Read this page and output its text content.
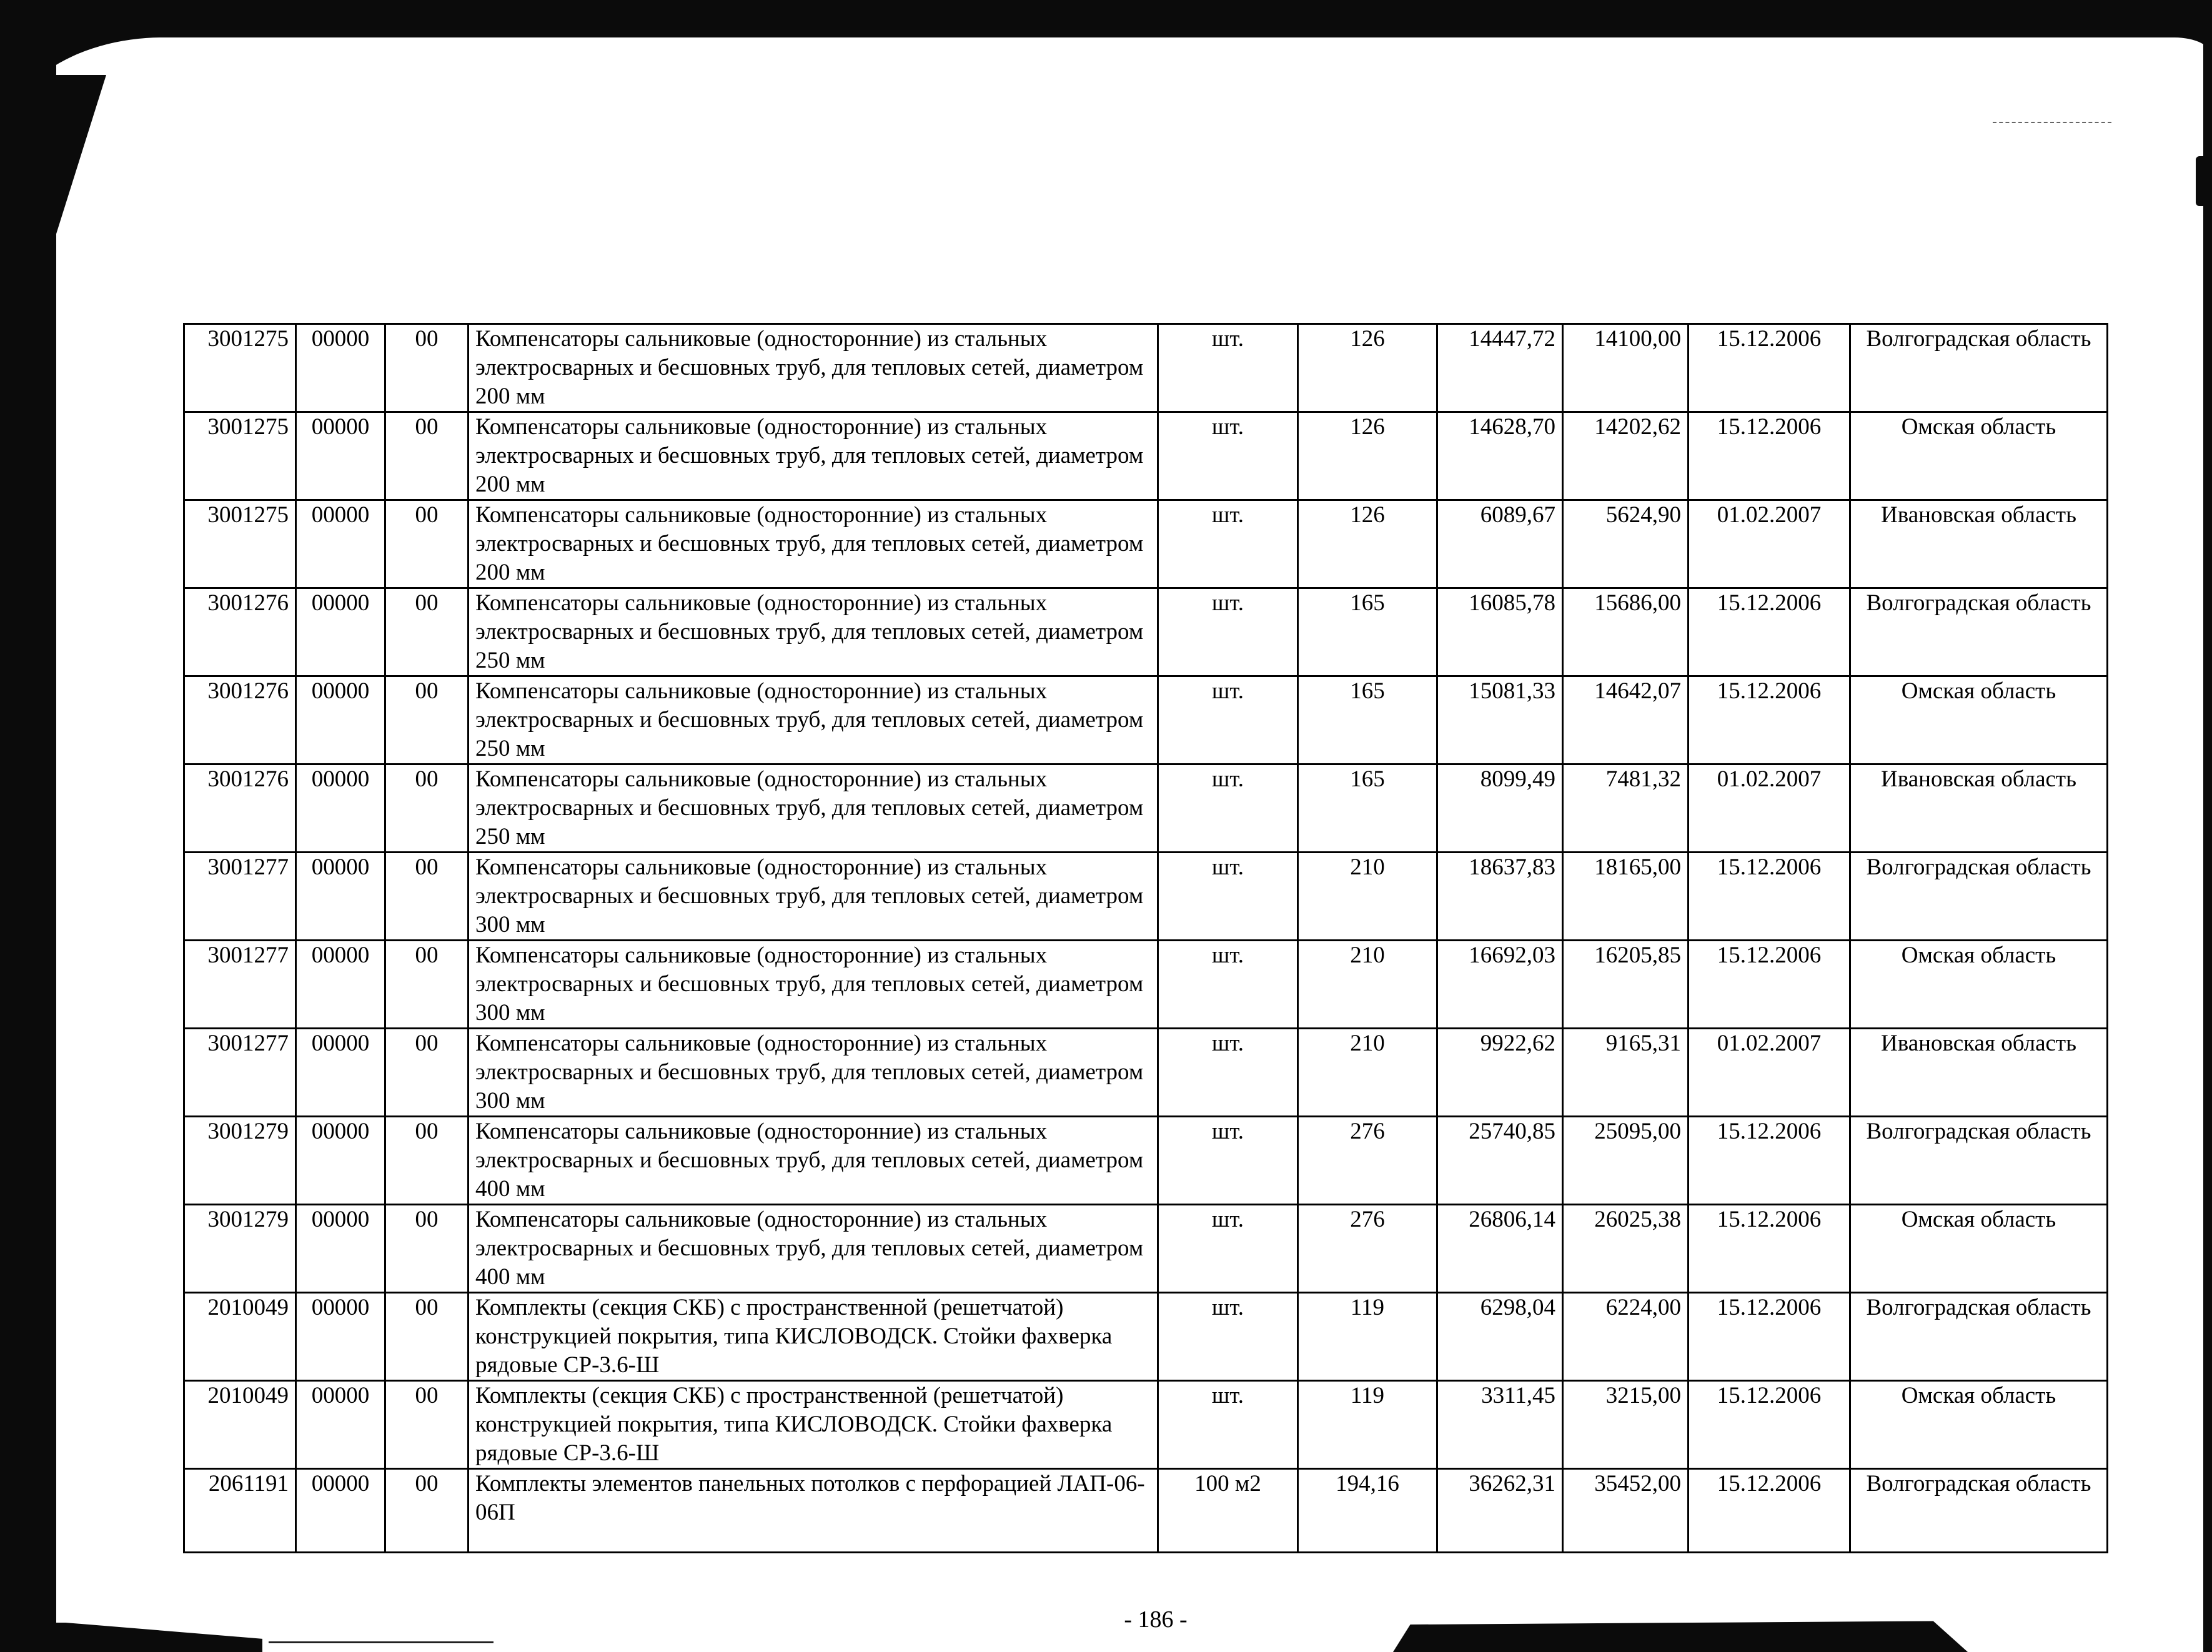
3001275	00000	00	Компенсаторы сальниковые (односторонние) из стальных электросварных и бесшовных труб, для тепловых сетей, диаметром 200 мм	шт.	126	14447,72	14100,00	15.12.2006	Волгоградская область
3001275	00000	00	Компенсаторы сальниковые (односторонние) из стальных электросварных и бесшовных труб, для тепловых сетей, диаметром 200 мм	шт.	126	14628,70	14202,62	15.12.2006	Омская область
3001275	00000	00	Компенсаторы сальниковые (односторонние) из стальных электросварных и бесшовных труб, для тепловых сетей, диаметром 200 мм	шт.	126	6089,67	5624,90	01.02.2007	Ивановская область
3001276	00000	00	Компенсаторы сальниковые (односторонние) из стальных электросварных и бесшовных труб, для тепловых сетей, диаметром 250 мм	шт.	165	16085,78	15686,00	15.12.2006	Волгоградская область
3001276	00000	00	Компенсаторы сальниковые (односторонние) из стальных электросварных и бесшовных труб, для тепловых сетей, диаметром 250 мм	шт.	165	15081,33	14642,07	15.12.2006	Омская область
3001276	00000	00	Компенсаторы сальниковые (односторонние) из стальных электросварных и бесшовных труб, для тепловых сетей, диаметром 250 мм	шт.	165	8099,49	7481,32	01.02.2007	Ивановская область
3001277	00000	00	Компенсаторы сальниковые (односторонние) из стальных электросварных и бесшовных труб, для тепловых сетей, диаметром 300 мм	шт.	210	18637,83	18165,00	15.12.2006	Волгоградская область
3001277	00000	00	Компенсаторы сальниковые (односторонние) из стальных электросварных и бесшовных труб, для тепловых сетей, диаметром 300 мм	шт.	210	16692,03	16205,85	15.12.2006	Омская область
3001277	00000	00	Компенсаторы сальниковые (односторонние) из стальных электросварных и бесшовных труб, для тепловых сетей, диаметром 300 мм	шт.	210	9922,62	9165,31	01.02.2007	Ивановская область
3001279	00000	00	Компенсаторы сальниковые (односторонние) из стальных электросварных и бесшовных труб, для тепловых сетей, диаметром 400 мм	шт.	276	25740,85	25095,00	15.12.2006	Волгоградская область
3001279	00000	00	Компенсаторы сальниковые (односторонние) из стальных электросварных и бесшовных труб, для тепловых сетей, диаметром 400 мм	шт.	276	26806,14	26025,38	15.12.2006	Омская область
2010049	00000	00	Комплекты (секция СКБ) с пространственной (решетчатой) конструкцией покрытия, типа КИСЛОВОДСК. Стойки фахверка рядовые СР-3.6-Ш	шт.	119	6298,04	6224,00	15.12.2006	Волгоградская область
2010049	00000	00	Комплекты (секция СКБ) с пространственной (решетчатой) конструкцией покрытия, типа КИСЛОВОДСК. Стойки фахверка рядовые СР-3.6-Ш	шт.	119	3311,45	3215,00	15.12.2006	Омская область
2061191	00000	00	Комплекты элементов панельных потолков с перфорацией ЛАП-06-06П	100 м2	194,16	36262,31	35452,00	15.12.2006	Волгоградская область
- 186 -
